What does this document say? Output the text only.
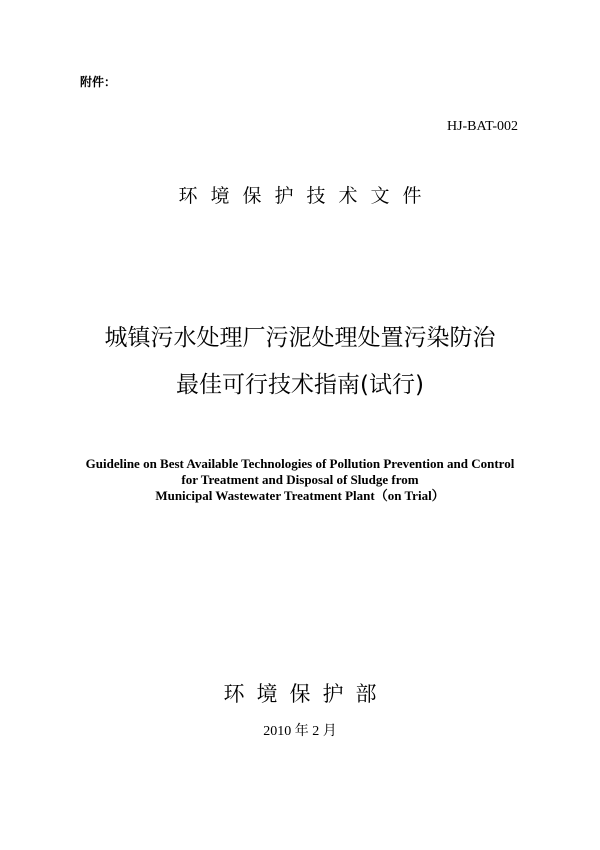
附件：
HJ-BAT-002
环境保护技术文件
城镇污水处理厂污泥处理处置污染防治
最佳可行技术指南(试行)
Guideline on Best Available Technologies of Pollution Prevention and Control
for Treatment and Disposal of Sludge from
Municipal Wastewater Treatment Plant（on Trial）
环境保护部
2010 年 2 月
